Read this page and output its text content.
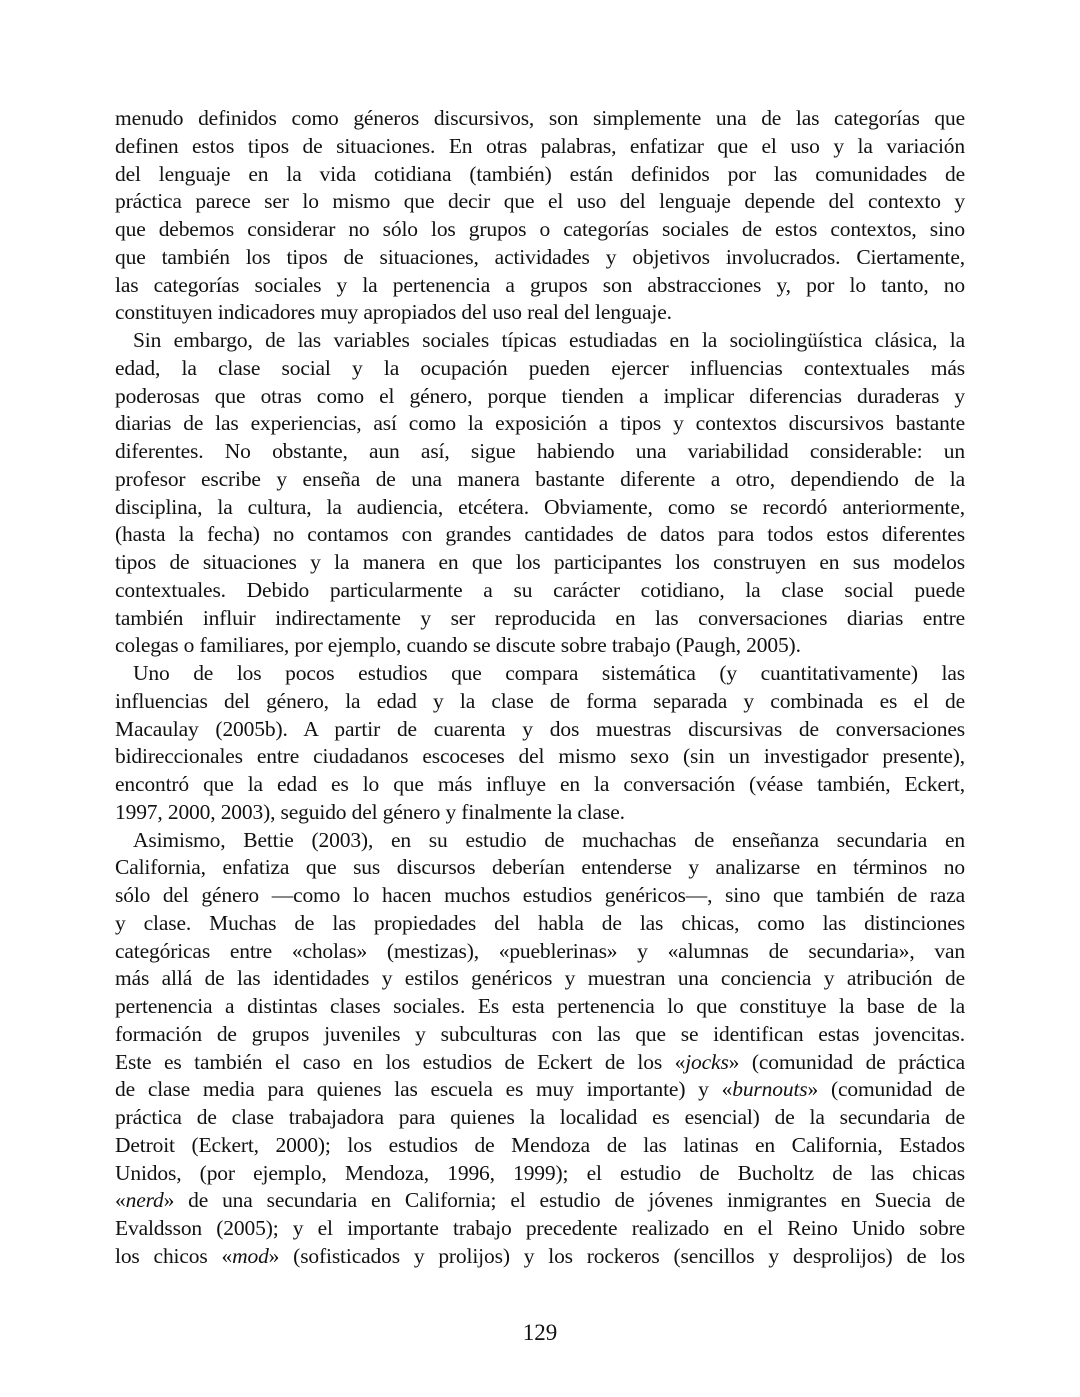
menudo definidos como géneros discursivos, son simplemente una de las categorías que
definen estos tipos de situaciones. En otras palabras, enfatizar que el uso y la variación
del lenguaje en la vida cotidiana (también) están definidos por las comunidades de
práctica parece ser lo mismo que decir que el uso del lenguaje depende del contexto y
que debemos considerar no sólo los grupos o categorías sociales de estos contextos, sino
que también los tipos de situaciones, actividades y objetivos involucrados. Ciertamente,
las categorías sociales y la pertenencia a grupos son abstracciones y, por lo tanto, no
constituyen indicadores muy apropiados del uso real del lenguaje.
Sin embargo, de las variables sociales típicas estudiadas en la sociolingüística clásica, la
edad, la clase social y la ocupación pueden ejercer influencias contextuales más
poderosas que otras como el género, porque tienden a implicar diferencias duraderas y
diarias de las experiencias, así como la exposición a tipos y contextos discursivos bastante
diferentes. No obstante, aun así, sigue habiendo una variabilidad considerable: un
profesor escribe y enseña de una manera bastante diferente a otro, dependiendo de la
disciplina, la cultura, la audiencia, etcétera. Obviamente, como se recordó anteriormente,
(hasta la fecha) no contamos con grandes cantidades de datos para todos estos diferentes
tipos de situaciones y la manera en que los participantes los construyen en sus modelos
contextuales. Debido particularmente a su carácter cotidiano, la clase social puede
también influir indirectamente y ser reproducida en las conversaciones diarias entre
colegas o familiares, por ejemplo, cuando se discute sobre trabajo (Paugh, 2005).
Uno de los pocos estudios que compara sistemática (y cuantitativamente) las
influencias del género, la edad y la clase de forma separada y combinada es el de
Macaulay (2005b). A partir de cuarenta y dos muestras discursivas de conversaciones
bidireccionales entre ciudadanos escoceses del mismo sexo (sin un investigador presente),
encontró que la edad es lo que más influye en la conversación (véase también, Eckert,
1997, 2000, 2003), seguido del género y finalmente la clase.
Asimismo, Bettie (2003), en su estudio de muchachas de enseñanza secundaria en
California, enfatiza que sus discursos deberían entenderse y analizarse en términos no
sólo del género —como lo hacen muchos estudios genéricos—, sino que también de raza
y clase. Muchas de las propiedades del habla de las chicas, como las distinciones
categóricas entre «cholas» (mestizas), «pueblerinas» y «alumnas de secundaria», van
más allá de las identidades y estilos genéricos y muestran una conciencia y atribución de
pertenencia a distintas clases sociales. Es esta pertenencia lo que constituye la base de la
formación de grupos juveniles y subculturas con las que se identifican estas jovencitas.
Este es también el caso en los estudios de Eckert de los «jocks» (comunidad de práctica
de clase media para quienes las escuela es muy importante) y «burnouts» (comunidad de
práctica de clase trabajadora para quienes la localidad es esencial) de la secundaria de
Detroit (Eckert, 2000); los estudios de Mendoza de las latinas en California, Estados
Unidos, (por ejemplo, Mendoza, 1996, 1999); el estudio de Bucholtz de las chicas
«nerd» de una secundaria en California; el estudio de jóvenes inmigrantes en Suecia de
Evaldsson (2005); y el importante trabajo precedente realizado en el Reino Unido sobre
los chicos «mod» (sofisticados y prolijos) y los rockeros (sencillos y desprolijos) de los
129
